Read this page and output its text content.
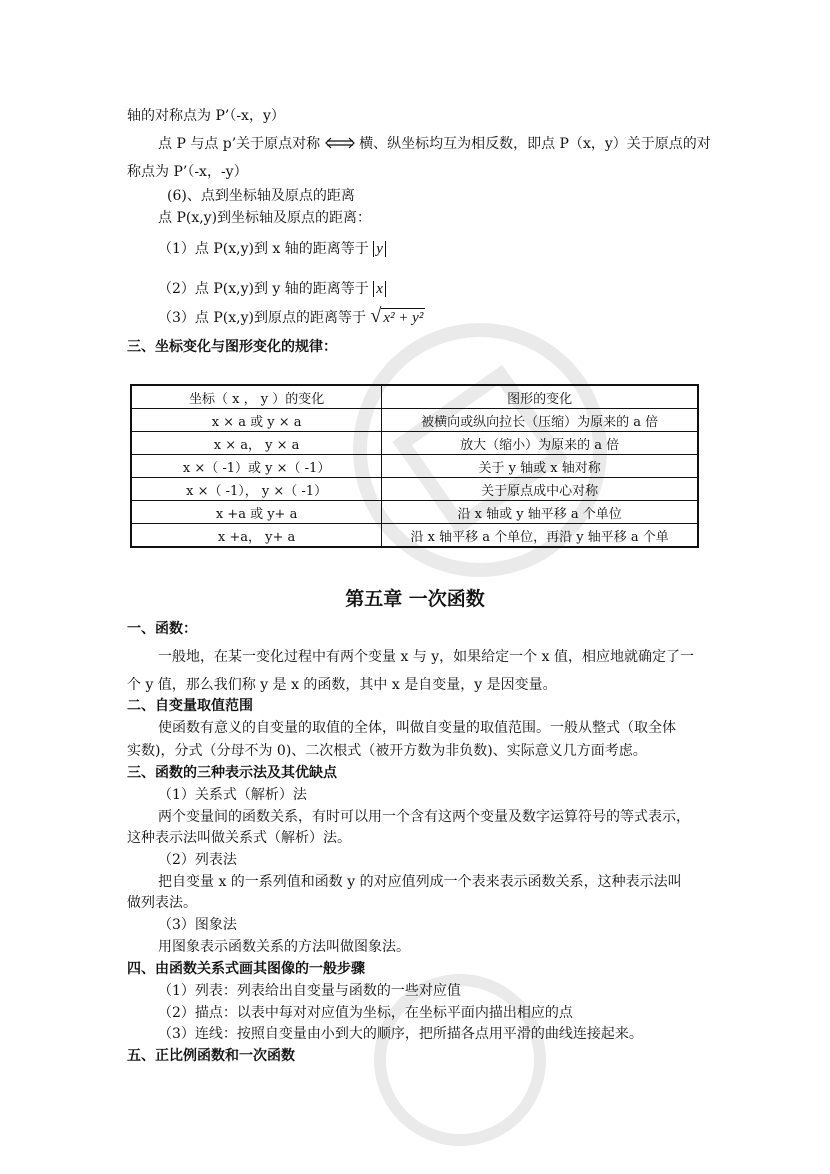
轴的对称点为 P’（-x，y）
点 P 与点 p’关于原点对称	横、纵坐标均互为相反数，即点 P（x，y）关于原点的对
称点为 P’（-x，-y）
(6)、点到坐标轴及原点的距离
点 P(x,y)到坐标轴及原点的距离：
（1）点 P(x,y)到 x 轴的距离等于 y
（2）点 P(x,y)到 y 轴的距离等于 x
（3）点 P(x,y)到原点的距离等于 √ x² + y²
三、坐标变化与图形变化的规律：
坐标（ x ， y ）的变化	图形的变化
x × a 或 y × a	被横向或纵向拉长（压缩）为原来的 a 倍
x × a， y × a	放大（缩小）为原来的 a 倍
x ×（ -1）或 y ×（ -1）	关于 y 轴或 x 轴对称
x ×（ -1）， y ×（ -1）	关于原点成中心对称
x +a 或 y+ a	沿 x 轴或 y 轴平移 a 个单位
x +a， y+ a	沿 x 轴平移 a 个单位，再沿 y 轴平移 a 个单
第五章 一次函数
一、函数：
一般地，在某一变化过程中有两个变量 x 与 y，如果给定一个 x 值，相应地就确定了一
个 y 值，那么我们称 y 是 x 的函数，其中 x 是自变量，y 是因变量。
二、自变量取值范围
使函数有意义的自变量的取值的全体，叫做自变量的取值范围。一般从整式（取全体
实数)，分式（分母不为 0)、二次根式（被开方数为非负数)、实际意义几方面考虑。
三、函数的三种表示法及其优缺点
（1）关系式（解析）法
两个变量间的函数关系，有时可以用一个含有这两个变量及数字运算符号的等式表示，
这种表示法叫做关系式（解析）法。
（2）列表法
把自变量 x 的一系列值和函数 y 的对应值列成一个表来表示函数关系，这种表示法叫
做列表法。
（3）图象法
用图象表示函数关系的方法叫做图象法。
四、由函数关系式画其图像的一般步骤
（1）列表：列表给出自变量与函数的一些对应值
（2）描点：以表中每对对应值为坐标，在坐标平面内描出相应的点
（3）连线：按照自变量由小到大的顺序，把所描各点用平滑的曲线连接起来。
五、正比例函数和一次函数
